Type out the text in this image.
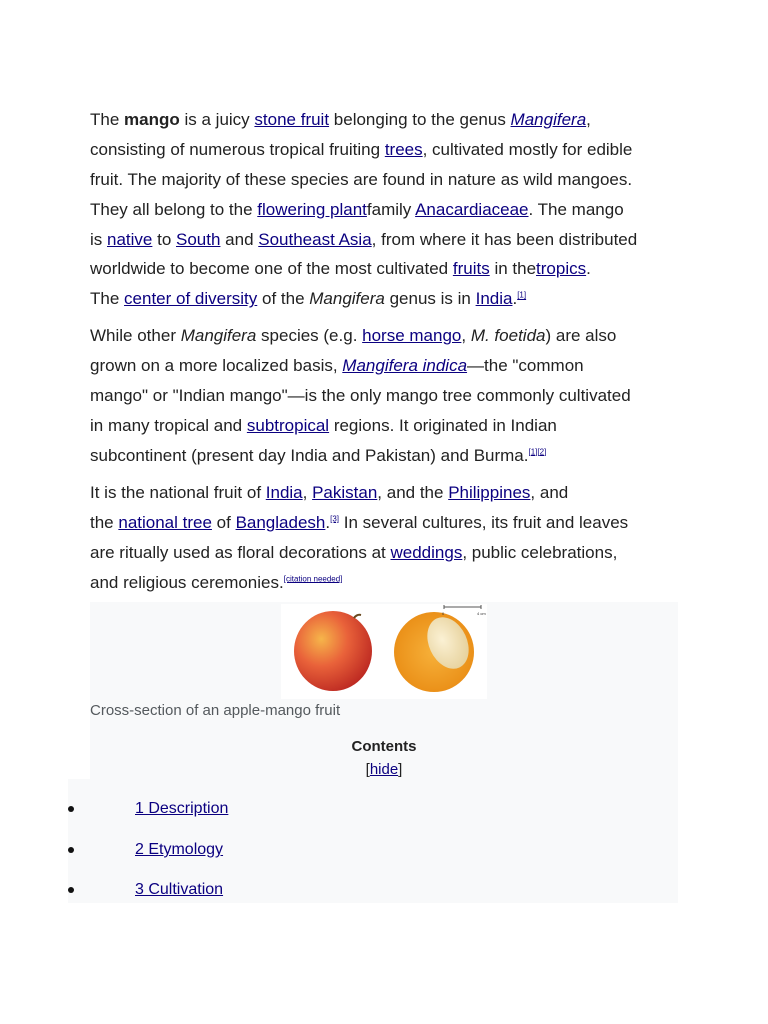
The mango is a juicy stone fruit belonging to the genus Mangifera,
consisting of numerous tropical fruiting trees, cultivated mostly for edible
fruit. The majority of these species are found in nature as wild mangoes.
They all belong to the flowering plantfamily Anacardiaceae. The mango
is native to South and Southeast Asia, from where it has been distributed
worldwide to become one of the most cultivated fruits in thetropics.
The center of diversity of the Mangifera genus is in India.[1]

While other Mangifera species (e.g. horse mango, M. foetida) are also
grown on a more localized basis, Mangifera indica—the "common
mango" or "Indian mango"—is the only mango tree commonly cultivated
in many tropical and subtropical regions. It originated in Indian
subcontinent (present day India and Pakistan) and Burma.[1][2]

It is the national fruit of India, Pakistan, and the Philippines, and
the national tree of Bangladesh.[3] In several cultures, its fruit and leaves
are ritually used as floral decorations at weddings, public celebrations,
and religious ceremonies.[citation needed]

0	4 cm
Cross-section of an apple-mango fruit
Contents
[hide]
1 Description
2 Etymology
3 Cultivation
